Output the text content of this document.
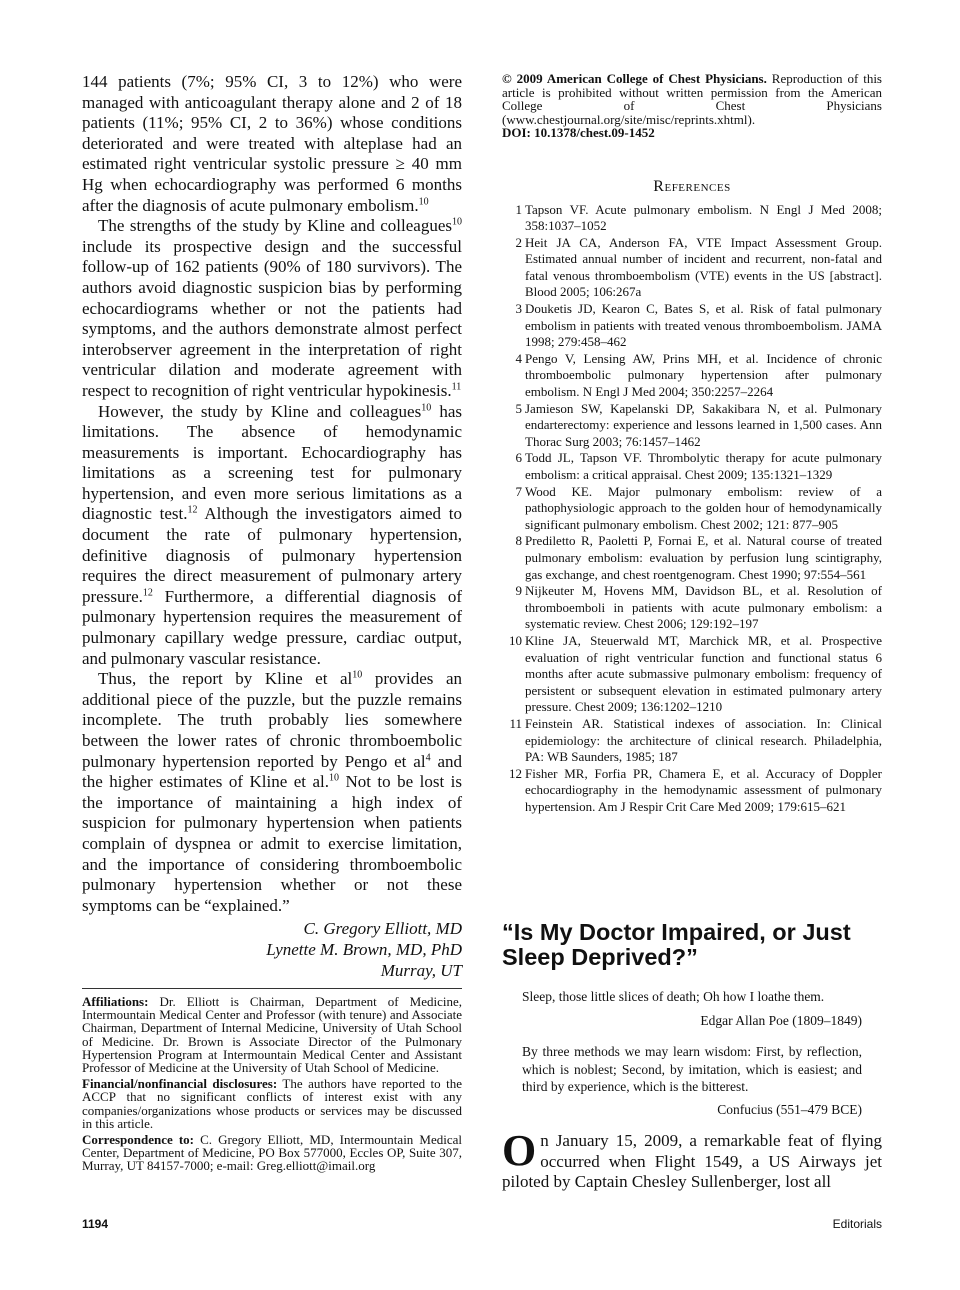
144 patients (7%; 95% CI, 3 to 12%) who were managed with anticoagulant therapy alone and 2 of 18 patients (11%; 95% CI, 2 to 36%) whose conditions deteriorated and were treated with alteplase had an estimated right ventricular systolic pressure ≥ 40 mm Hg when echocardiography was performed 6 months after the diagnosis of acute pulmonary embolism.$^{10}$

The strengths of the study by Kline and colleagues$^{10}$ include its prospective design and the successful follow-up of 162 patients (90% of 180 survivors). The authors avoid diagnostic suspicion bias by performing echocardiograms whether or not the patients had symptoms, and the authors demonstrate almost perfect interobserver agreement in the interpretation of right ventricular dilation and moderate agreement with respect to recognition of right ventricular hypokinesis.$^{11}$

However, the study by Kline and colleagues$^{10}$ has limitations. The absence of hemodynamic measurements is important. Echocardiography has limitations as a screening test for pulmonary hypertension, and even more serious limitations as a diagnostic test.$^{12}$ Although the investigators aimed to document the rate of pulmonary hypertension, definitive diagnosis of pulmonary hypertension requires the direct measurement of pulmonary artery pressure.$^{12}$ Furthermore, a differential diagnosis of pulmonary hypertension requires the measurement of pulmonary capillary wedge pressure, cardiac output, and pulmonary vascular resistance.

Thus, the report by Kline et $al^{10}$ provides an additional piece of the puzzle, but the puzzle remains incomplete. The truth probably lies somewhere between the lower rates of chronic thromboembolic pulmonary hypertension reported by Pengo et $al^4$ and the higher estimates of Kline et al.$^{10}$ Not to be lost is the importance of maintaining a high index of suspicion for pulmonary hypertension when patients complain of dyspnea or admit to exercise limitation, and the importance of considering thromboembolic pulmonary hypertension whether or not these symptoms can be “explained.”

C. Gregory Elliott, MD
Lynette M. Brown, MD, PhD
Murray, UT

Affiliations: Dr. Elliott is Chairman, Department of Medicine, Intermountain Medical Center and Professor (with tenure) and Associate Chairman, Department of Internal Medicine, University of Utah School of Medicine. Dr. Brown is Associate Director of the Pulmonary Hypertension Program at Intermountain Medical Center and Assistant Professor of Medicine at the University of Utah School of Medicine.

Financial/nonfinancial disclosures: The authors have reported to the ACCP that no significant conflicts of interest exist with any companies/organizations whose products or services may be discussed in this article.

Correspondence to: C. Gregory Elliott, MD, Intermountain Medical Center, Department of Medicine, PO Box 577000, Eccles OP, Suite 307, Murray, UT 84157-7000; e-mail: Greg.elliott@imail.org

© 2009 American College of Chest Physicians. Reproduction of this article is prohibited without written permission from the American College of Chest Physicians (www.chestjournal.org/site/misc/reprints.xhtml).
DOI: 10.1378/chest.09-1452
References
1 Tapson VF. Acute pulmonary embolism. N Engl J Med 2008; 358:1037–1052
2 Heit JA CA, Anderson FA, VTE Impact Assessment Group. Estimated annual number of incident and recurrent, non-fatal and fatal venous thromboembolism (VTE) events in the US [abstract]. Blood 2005; 106:267a
3 Douketis JD, Kearon C, Bates S, et al. Risk of fatal pulmonary embolism in patients with treated venous thromboembolism. JAMA 1998; 279:458–462
4 Pengo V, Lensing AW, Prins MH, et al. Incidence of chronic thromboembolic pulmonary hypertension after pulmonary embolism. N Engl J Med 2004; 350:2257–2264
5 Jamieson SW, Kapelanski DP, Sakakibara N, et al. Pulmonary endarterectomy: experience and lessons learned in 1,500 cases. Ann Thorac Surg 2003; 76:1457–1462
6 Todd JL, Tapson VF. Thrombolytic therapy for acute pulmonary embolism: a critical appraisal. Chest 2009; 135:1321–1329
7 Wood KE. Major pulmonary embolism: review of a pathophysiologic approach to the golden hour of hemodynamically significant pulmonary embolism. Chest 2002; 121: 877–905
8 Prediletto R, Paoletti P, Fornai E, et al. Natural course of treated pulmonary embolism: evaluation by perfusion lung scintigraphy, gas exchange, and chest roentgenogram. Chest 1990; 97:554–561
9 Nijkeuter M, Hovens MM, Davidson BL, et al. Resolution of thromboemboli in patients with acute pulmonary embolism: a systematic review. Chest 2006; 129:192–197
10 Kline JA, Steuerwald MT, Marchick MR, et al. Prospective evaluation of right ventricular function and functional status 6 months after acute submassive pulmonary embolism: frequency of persistent or subsequent elevation in estimated pulmonary artery pressure. Chest 2009; 136:1202–1210
11 Feinstein AR. Statistical indexes of association. In: Clinical epidemiology: the architecture of clinical research. Philadelphia, PA: WB Saunders, 1985; 187
12 Fisher MR, Forfia PR, Chamera E, et al. Accuracy of Doppler echocardiography in the hemodynamic assessment of pulmonary hypertension. Am J Respir Crit Care Med 2009; 179:615–621
“Is My Doctor Impaired, or Just Sleep Deprived?”
Sleep, those little slices of death; Oh how I loathe them.
Edgar Allan Poe (1809–1849)
By three methods we may learn wisdom: First, by reflection, which is noblest; Second, by imitation, which is easiest; and third by experience, which is the bitterest.
Confucius (551–479 BCE)

On January 15, 2009, a remarkable feat of flying occurred when Flight 1549, a US Airways jet piloted by Captain Chesley Sullenberger, lost all

1194	Editorials
